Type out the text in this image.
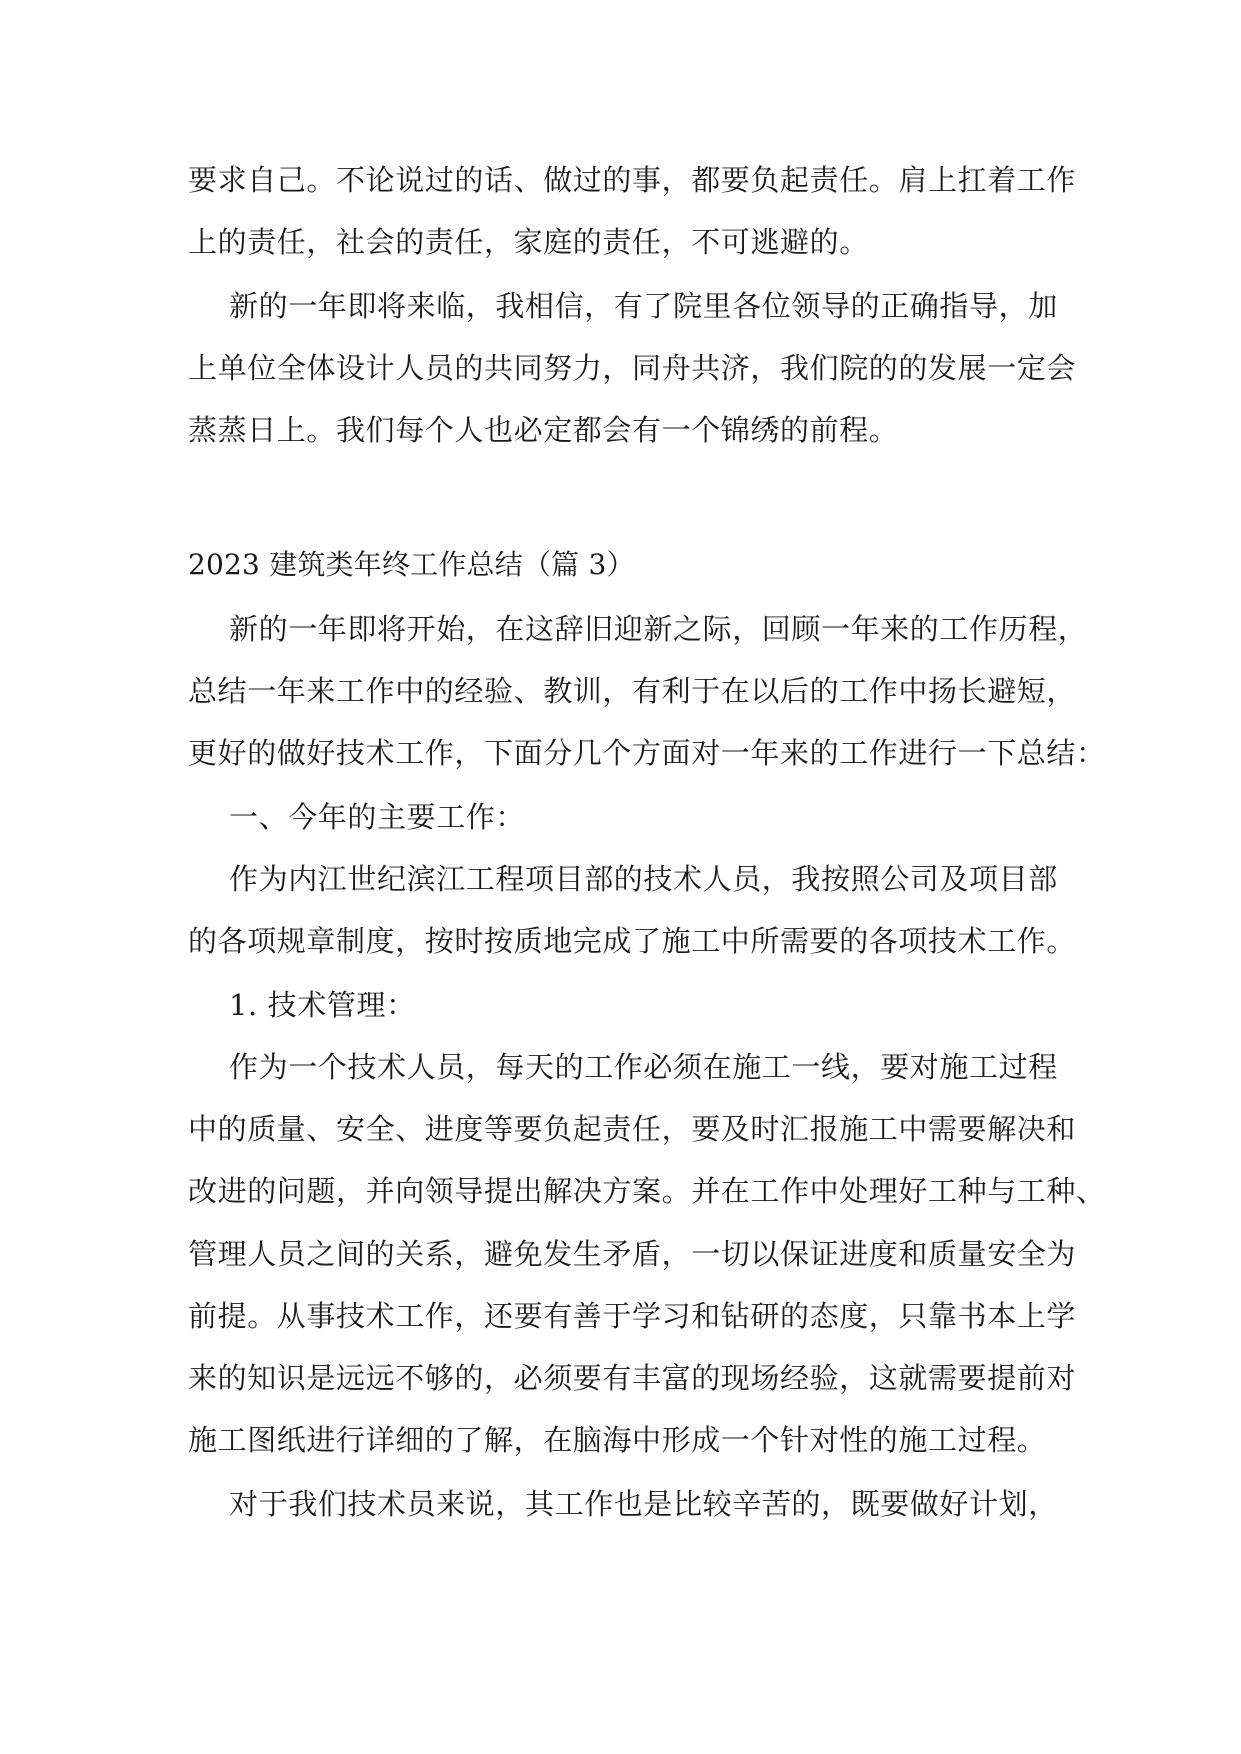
要求自己。不论说过的话、做过的事，都要负起责任。肩上扛着工作
上的责任，社会的责任，家庭的责任，不可逃避的。
新的一年即将来临，我相信，有了院里各位领导的正确指导，加
上单位全体设计人员的共同努力，同舟共济，我们院的的发展一定会
蒸蒸日上。我们每个人也必定都会有一个锦绣的前程。
2023 建筑类年终工作总结（篇 3）
新的一年即将开始，在这辞旧迎新之际，回顾一年来的工作历程，
总结一年来工作中的经验、教训，有利于在以后的工作中扬长避短，
更好的做好技术工作，下面分几个方面对一年来的工作进行一下总结：
一、今年的主要工作：
作为内江世纪滨江工程项目部的技术人员，我按照公司及项目部
的各项规章制度，按时按质地完成了施工中所需要的各项技术工作。
1. 技术管理：
作为一个技术人员，每天的工作必须在施工一线，要对施工过程
中的质量、安全、进度等要负起责任，要及时汇报施工中需要解决和
改进的问题，并向领导提出解决方案。并在工作中处理好工种与工种、
管理人员之间的关系，避免发生矛盾，一切以保证进度和质量安全为
前提。从事技术工作，还要有善于学习和钻研的态度，只靠书本上学
来的知识是远远不够的，必须要有丰富的现场经验，这就需要提前对
施工图纸进行详细的了解，在脑海中形成一个针对性的施工过程。
对于我们技术员来说，其工作也是比较辛苦的，既要做好计划，
